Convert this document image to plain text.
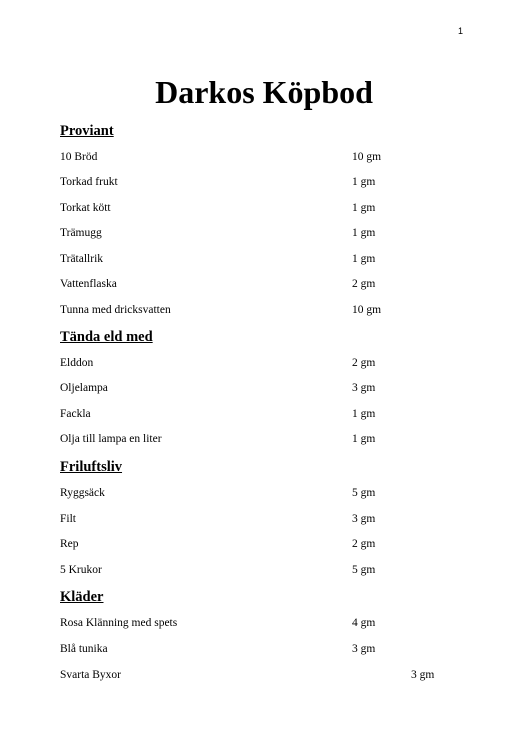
1
Darkos Köpbod
Proviant
10 Bröd	10 gm
Torkad frukt	1 gm
Torkat kött	1 gm
Trämugg	1 gm
Trätallrik	1 gm
Vattenflaska	2 gm
Tunna med dricksvatten	10 gm
Tända eld med
Elddon	2 gm
Oljelampa	3 gm
Fackla	1 gm
Olja till lampa en liter	1 gm
Friluftsliv
Ryggsäck	5 gm
Filt	3 gm
Rep	2 gm
5 Krukor	5 gm
Kläder
Rosa Klänning med spets	4 gm
Blå tunika	3 gm
Svarta Byxor	3 gm
